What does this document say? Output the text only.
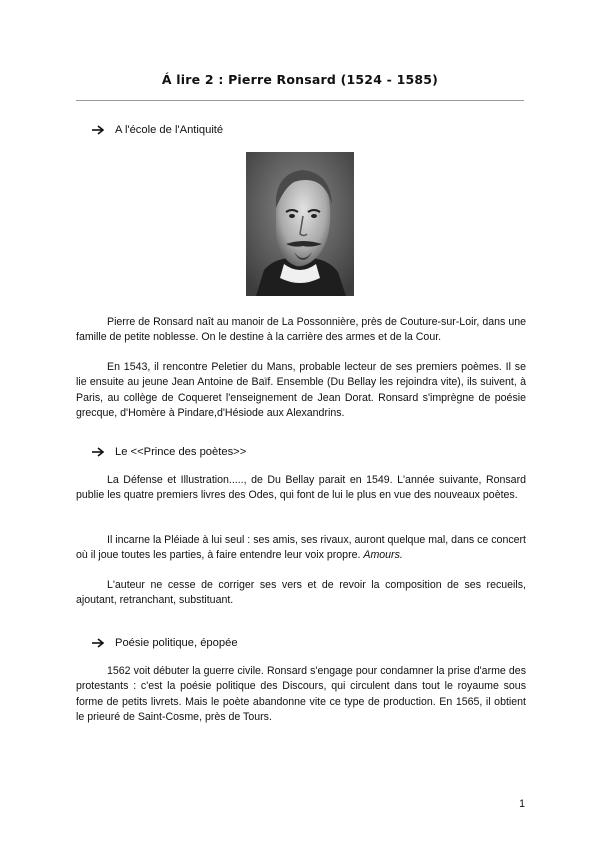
Á lire 2 : Pierre Ronsard (1524 - 1585)
A l'école de l'Antiquité

Pierre de Ronsard naît au manoir de La Possonnière, près de Couture-sur-Loir, dans une famille de petite noblesse. On le destine à la carrière des armes et de la Cour.

En 1543, il rencontre Peletier du Mans, probable lecteur de ses premiers poèmes. Il se lie ensuite au jeune Jean Antoine de Baïf. Ensemble (Du Bellay les rejoindra vite), ils suivent, à Paris, au collège de Coqueret l'enseignement de Jean Dorat. Ronsard s'imprègne de poésie grecque, d'Homère à Pindare,d'Hésiode aux Alexandrins.

Le <<Prince des poètes>>

La Défense et Illustration....., de Du Bellay parait en 1549. L'année suivante, Ronsard publie les quatre premiers livres des Odes, qui font de lui le plus en vue des nouveaux poètes.

Il incarne la Pléiade à lui seul : ses amis, ses rivaux, auront quelque mal, dans ce concert où il joue toutes les parties, à faire entendre leur voix propre. Amours.

L'auteur ne cesse de corriger ses vers et de revoir la composition de ses recueils, ajoutant, retranchant, substituant.

Poésie politique, épopée

1562 voit débuter la guerre civile. Ronsard s'engage pour condamner la prise d'arme des protestants : c'est la poésie politique des Discours, qui circulent dans tout le royaume sous forme de petits livrets. Mais le poète abandonne vite ce type de production. En 1565, il obtient le prieuré de Saint-Cosme, près de Tours.

1
